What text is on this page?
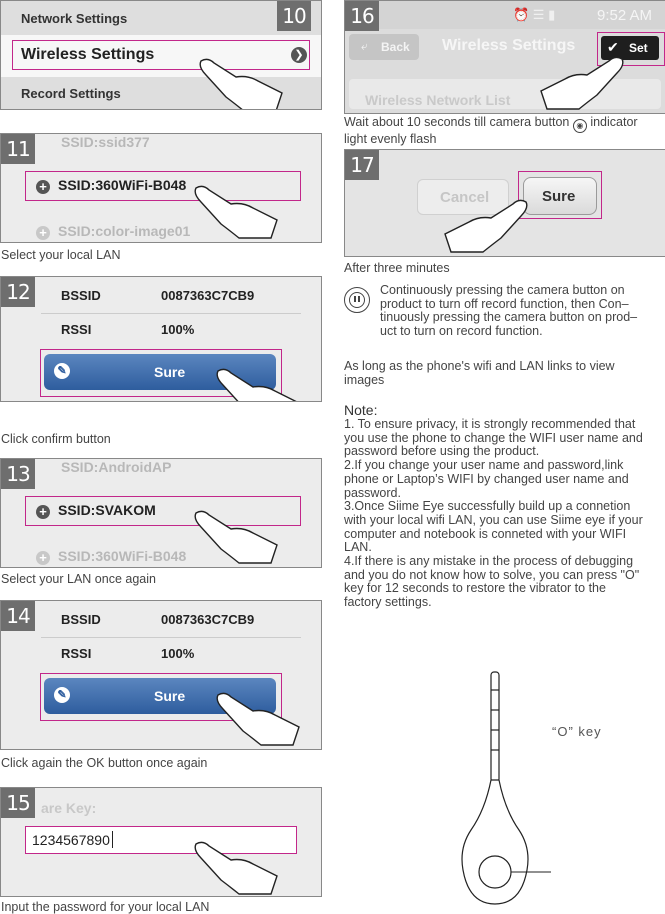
10
Network Settings
Wireless Settings	❯
Record Settings
11	SSID:ssid377
+ SSID:360WiFi-B048
+ SSID:color-image01
Select your local LAN
12	BSSID	0087363C7CB9
RSSI	100%
✎	Sure
Click confirm button
13	SSID:AndroidAP
+ SSID:SVAKOM
+ SSID:360WiFi-B048
Select your LAN once again
14	BSSID	0087363C7CB9
RSSI	100%
✎	Sure
Click again the OK button once again
15 are Key:
1234567890
Input the password for your local LAN
⏰ ☰ ▮	9:52 AM
16
⤶ Back Wireless Settings ✔ Set
Wireless Network List
Wait about 10 seconds till camera button ◉ indicator
light evenly flash
17
Cancel	Sure
After three minutes
Continuously pressing the camera button on
product to turn off record function, then Con–
tinuously pressing the camera button on prod–
uct to turn on record function.
As long as the phone's wifi and LAN links to view
images
Note:
1. To ensure privacy, it is strongly recommended that
you use the phone to change the WIFI user name and
password before using the product.
2.If you change your user name and password,link
phone or Laptop’s WIFI by changed user name and
password.
3.Once Siime Eye successfully build up a connetion
with your local wifi LAN, you can use Siime eye if your
computer and notebook is conneted with your WIFI
LAN.
4.If there is any mistake in the process of debugging
and you do not know how to solve, you can press "O"
key for 12 seconds to restore the vibrator to the
factory settings.
“O” key
